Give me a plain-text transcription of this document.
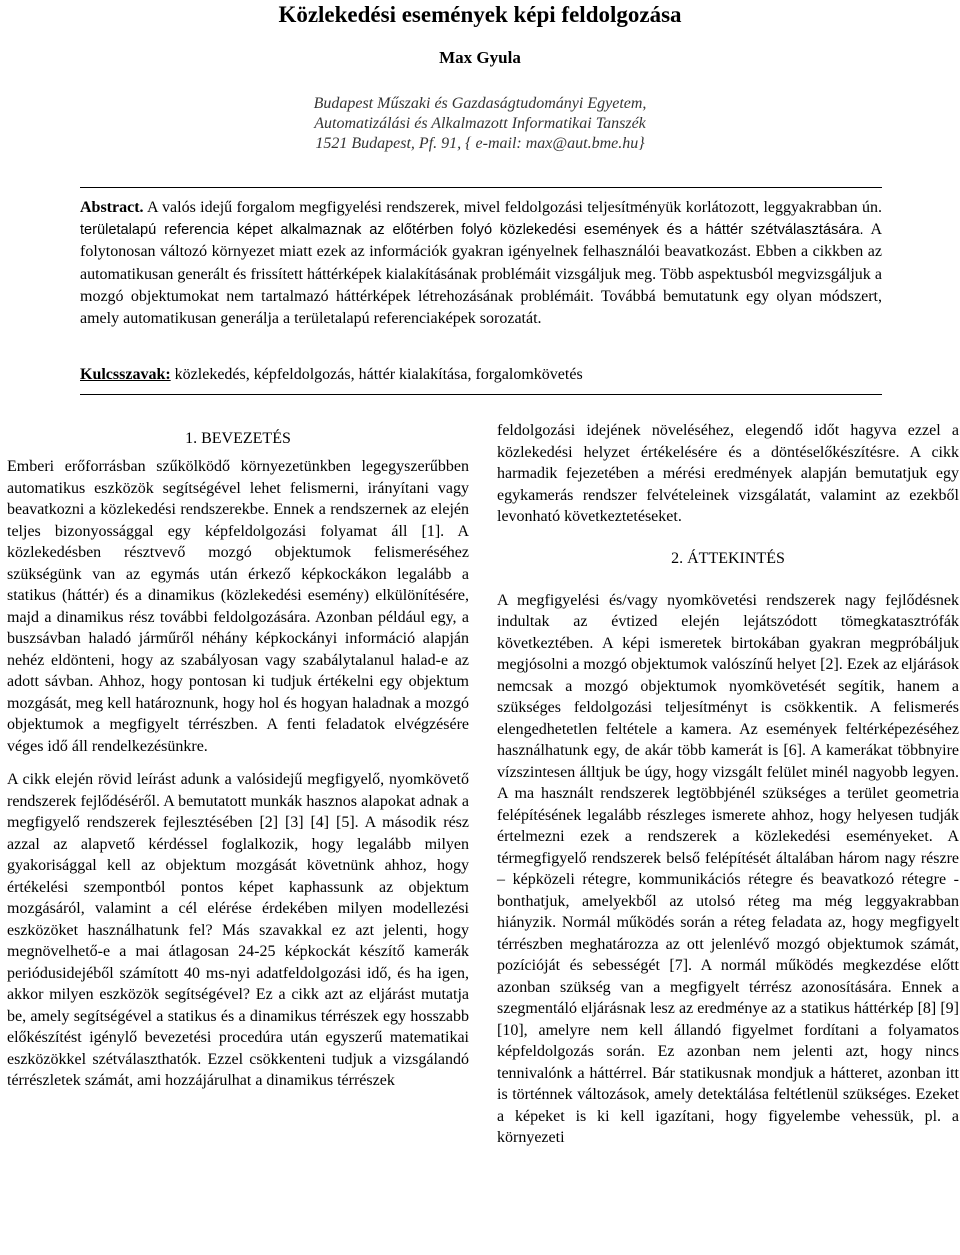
Közlekedési események képi feldolgozása
Max Gyula
Budapest Műszaki és Gazdaságtudományi Egyetem,
Automatizálási és Alkalmazott Informatikai Tanszék
1521 Budapest, Pf. 91, { e-mail: max@aut.bme.hu}
Abstract. A valós idejű forgalom megfigyelési rendszerek, mivel feldolgozási teljesítményük korlátozott, leggyakrabban ún. területalapú referencia képet alkalmaznak az előtérben folyó közlekedési események és a háttér szétválasztására. A folytonosan változó környezet miatt ezek az információk gyakran igényelnek felhasználói beavatkozást. Ebben a cikkben az automatikusan generált és frissített háttérképek kialakításának problémáit vizsgáljuk meg. Több aspektusból megvizsgáljuk a mozgó objektumokat nem tartalmazó háttérképek létrehozásának problémáit. Továbbá bemutatunk egy olyan módszert, amely automatikusan generálja a területalapú referenciaképek sorozatát.
Kulcsszavak: közlekedés, képfeldolgozás, háttér kialakítása, forgalomkövetés

1. BEVEZETÉS

Emberi erőforrásban szűkölködő környezetünkben legegyszerűbben automatikus eszközök segítségével lehet felismerni, irányítani vagy beavatkozni a közlekedési rendszerekbe. Ennek a rendszernek az elején teljes bizonyossággal egy képfeldolgozási folyamat áll [1]. A közlekedésben résztvevő mozgó objektumok felismeréséhez szükségünk van az egymás után érkező képkockákon legalább a statikus (háttér) és a dinamikus (közlekedési esemény) elkülönítésére, majd a dinamikus rész további feldolgozására. Azonban például egy, a buszsávban haladó járműről néhány képkockányi információ alapján nehéz eldönteni, hogy az szabályosan vagy szabálytalanul halad-e az adott sávban. Ahhoz, hogy pontosan ki tudjuk értékelni egy objektum mozgását, meg kell határoznunk, hogy hol és hogyan haladnak a mozgó objektumok a megfigyelt térrészben. A fenti feladatok elvégzésére véges idő áll rendelkezésünkre.

A cikk elején rövid leírást adunk a valósidejű megfigyelő, nyomkövető rendszerek fejlődéséről. A bemutatott munkák hasznos alapokat adnak a megfigyelő rendszerek fejlesztésében [2] [3] [4] [5]. A második rész azzal az alapvető kérdéssel foglalkozik, hogy legalább milyen gyakorisággal kell az objektum mozgását követnünk ahhoz, hogy értékelési szempontból pontos képet kaphassunk az objektum mozgásáról, valamint a cél elérése érdekében milyen modellezési eszközöket használhatunk fel? Más szavakkal ez azt jelenti, hogy megnövelhető-e a mai átlagosan 24-25 képkockát készítő kamerák periódusidejéből számított 40 ms-nyi adatfeldolgozási idő, és ha igen, akkor milyen eszközök segítségével? Ez a cikk azt az eljárást mutatja be, amely segítségével a statikus és a dinamikus térrészek egy hosszabb előkészítést igénylő bevezetési procedúra után egyszerű matematikai eszközökkel szétválaszthatók. Ezzel csökkenteni tudjuk a vizsgálandó térrészletek számát, ami hozzájárulhat a dinamikus térrészek

feldolgozási idejének növeléséhez, elegendő időt hagyva ezzel a közlekedési helyzet értékelésére és a döntéselőkészítésre. A cikk harmadik fejezetében a mérési eredmények alapján bemutatjuk egy egykamerás rendszer felvételeinek vizsgálatát, valamint az ezekből levonható következtetéseket.

2. ÁTTEKINTÉS

A megfigyelési és/vagy nyomkövetési rendszerek nagy fejlődésnek indultak az évtized elején lejátszódott tömegkatasztrófák következtében. A képi ismeretek birtokában gyakran megpróbáljuk megjósolni a mozgó objektumok valószínű helyet [2]. Ezek az eljárások nemcsak a mozgó objektumok nyomkövetését segítik, hanem a szükséges feldolgozási teljesítményt is csökkentik. A felismerés elengedhetetlen feltétele a kamera. Az események feltérképezéséhez használhatunk egy, de akár több kamerát is [6]. A kamerákat többnyire vízszintesen álltjuk be úgy, hogy vizsgált felület minél nagyobb legyen. A ma használt rendszerek legtöbbjénél szükséges a terület geometria felépítésének legalább részleges ismerete ahhoz, hogy helyesen tudják értelmezni ezek a rendszerek a közlekedési eseményeket. A térmegfigyelő rendszerek belső felépítését általában három nagy részre – képközeli rétegre, kommunikációs rétegre és beavatkozó rétegre - bonthatjuk, amelyekből az utolsó réteg ma még leggyakrabban hiányzik. Normál működés során a réteg feladata az, hogy megfigyelt térrészben meghatározza az ott jelenlévő mozgó objektumok számát, pozícióját és sebességét [7]. A normál működés megkezdése előtt azonban szükség van a megfigyelt térrész azonosítására. Ennek a szegmentáló eljárásnak lesz az eredménye az a statikus háttérkép [8] [9] [10], amelyre nem kell állandó figyelmet fordítani a folyamatos képfeldolgozás során. Ez azonban nem jelenti azt, hogy nincs tennivalónk a háttérrel. Bár statikusnak mondjuk a hátteret, azonban itt is történnek változások, amely detektálása feltétlenül szükséges. Ezeket a képeket is ki kell igazítani, hogy figyelembe vehessük, pl. a környezeti
